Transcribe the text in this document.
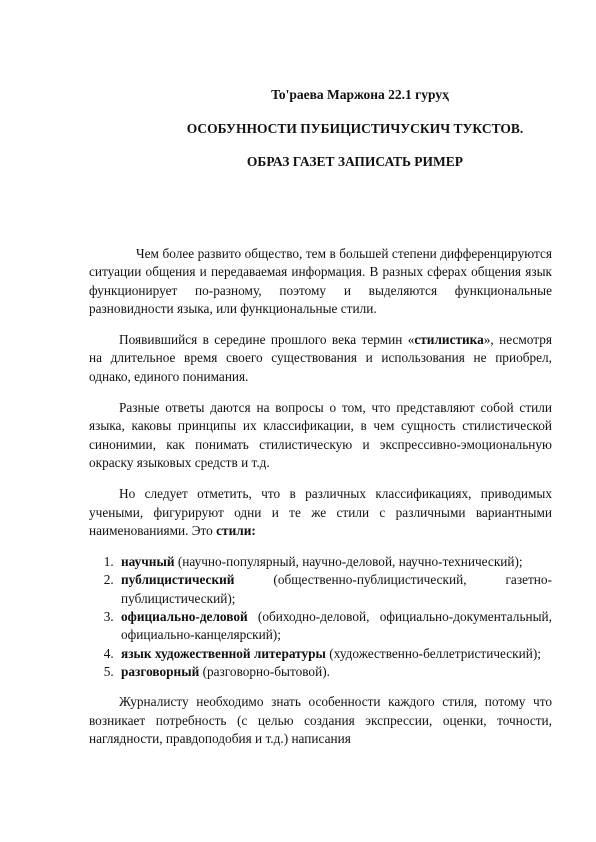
To'раева Маржона 22.1 гуруҳ
ОСОБУННОСТИ ПУБИЦИСТИЧУСКИЧ ТУКСТОВ.
ОБРАЗ ГАЗЕТ ЗАПИСАТЬ РИМЕР

Чем более развито общество, тем в большей степени дифференцируются ситуации общения и передаваемая информация. В разных сферах общения язык функционирует по-разному, поэтому и выделяются функциональные разновидности языка, или функциональные стили.

Появившийся в середине прошлого века термин «стилистика», несмотря на длительное время своего существования и использования не приобрел, однако, единого понимания.

Разные ответы даются на вопросы о том, что представляют собой стили языка, каковы принципы их классификации, в чем сущность стилистической синонимии, как понимать стилистическую и экспрессивно-эмоциональную окраску языковых средств и т.д.

Но следует отметить, что в различных классификациях, приводимых учеными, фигурируют одни и те же стили с различными вариантными наименованиями. Это стили:

1. научный (научно-популярный, научно-деловой, научно-технический);
2. публицистический (общественно-публицистический, газетно-публицистический);
3. официально-деловой (обиходно-деловой, официально-документальный, официально-канцелярский);
4. язык художественной литературы (художественно-беллетристический);
5. разговорный (разговорно-бытовой).

Журналисту необходимо знать особенности каждого стиля, потому что возникает потребность (с целью создания экспрессии, оценки, точности, наглядности, правдоподобия и т.д.) написания
